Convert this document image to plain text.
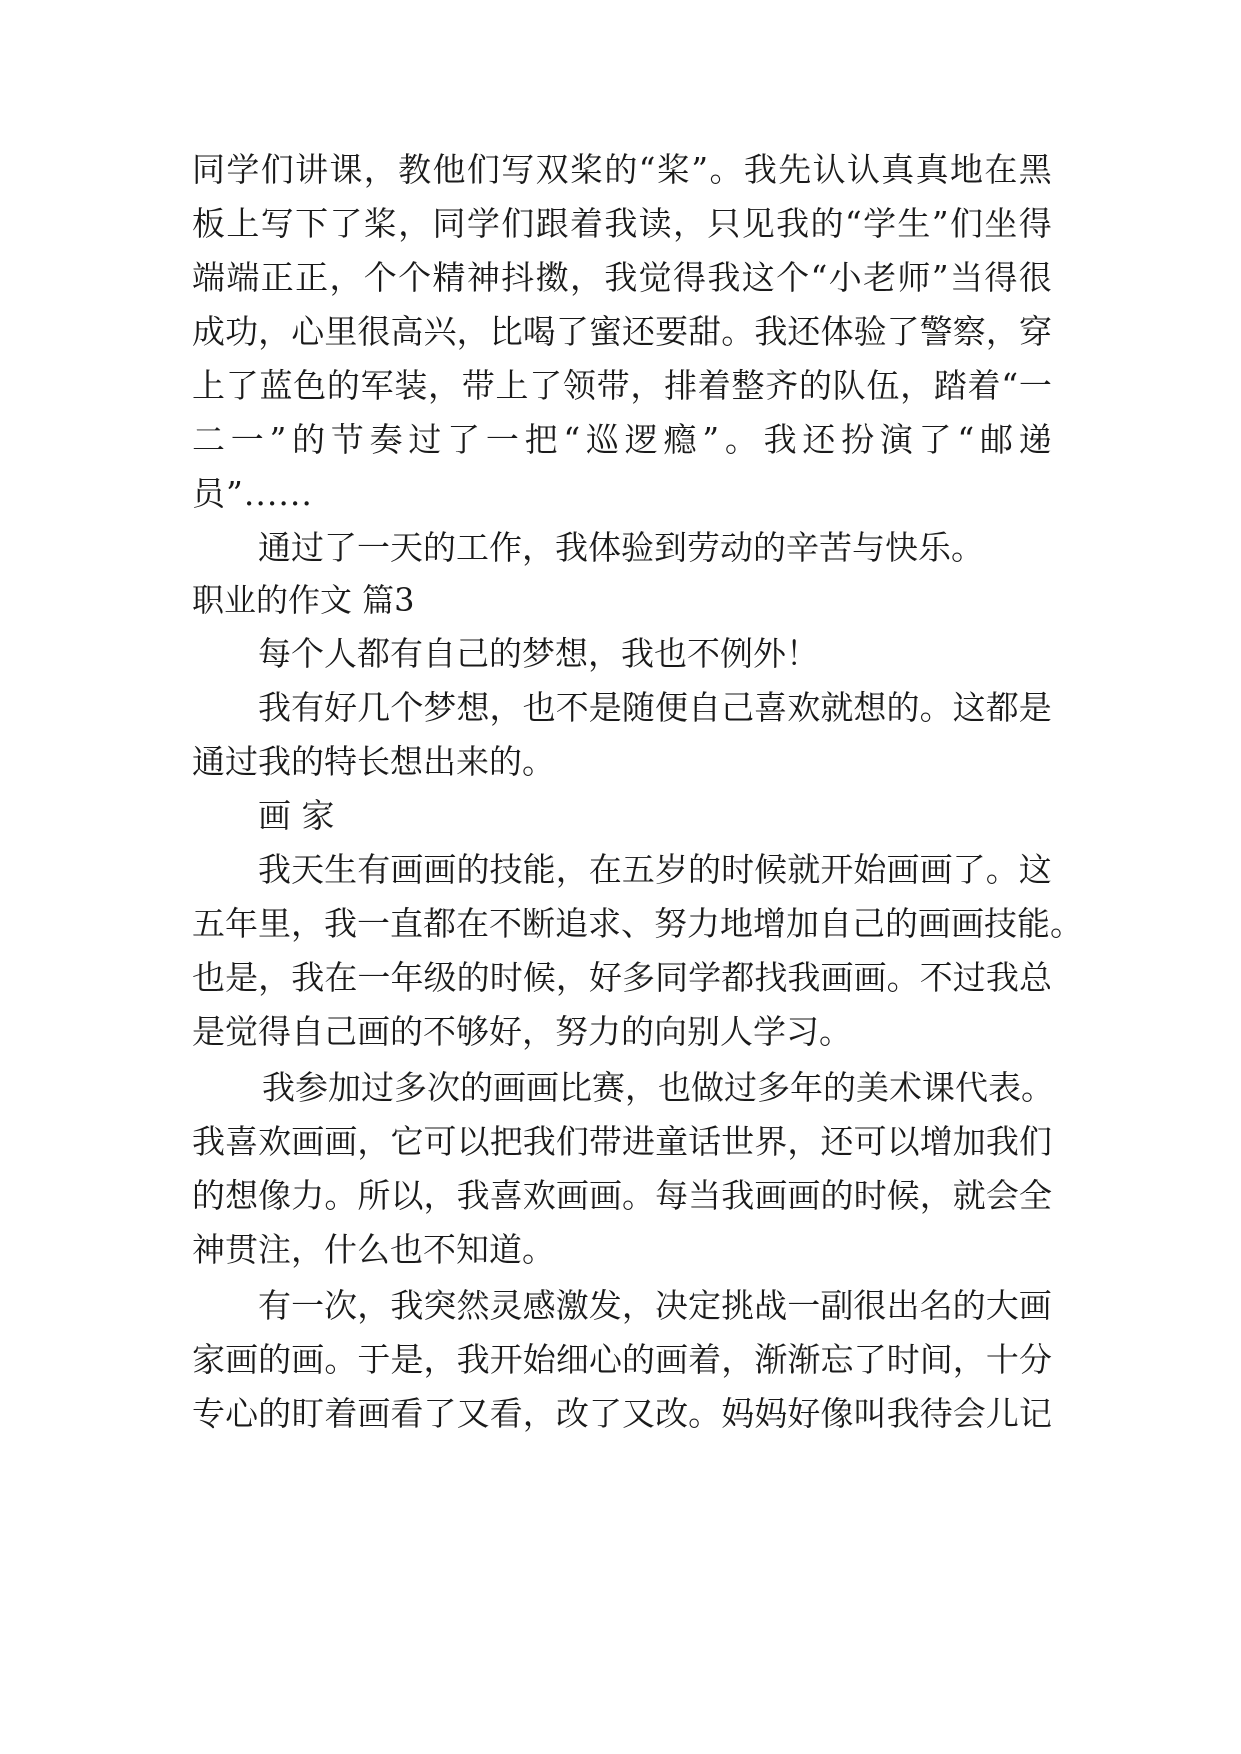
同 学 们 讲 课 ， 教 他 们 写 双 桨 的 “ 桨 ” 。 我 先 认 认 真 真 地 在 黑
板 上 写 下 了 桨 ， 同 学 们 跟 着 我 读 ， 只 见 我 的 “ 学 生 ” 们 坐 得
端 端 正 正 ， 个 个 精 神 抖 擞 ， 我 觉 得 我 这 个 “ 小 老 师 ” 当 得 很
成 功 ， 心 里 很 高 兴 ， 比 喝 了 蜜 还 要 甜 。 我 还 体 验 了 警 察 ， 穿
上 了 蓝 色 的 军 装 ， 带 上 了 领 带 ， 排 着 整 齐 的 队 伍 ， 踏 着 “ 一
二 一 ” 的 节 奏 过 了 一 把 “ 巡 逻 瘾 ” 。 我 还 扮 演 了 “ 邮 递
员”......
通过了一天的工作，我体验到劳动的辛苦与快乐。
职业的作文 篇3
每个人都有自己的梦想，我也不例外！
我 有 好 几 个 梦 想 ， 也 不 是 随 便 自 己 喜 欢 就 想 的 。 这 都 是
通过我的特长想出来的。
画 家
我 天 生 有 画 画 的 技 能 ， 在 五 岁 的 时 候 就 开 始 画 画 了 。 这
五 年 里 ， 我 一 直 都 在 不 断 追 求 、 努 力 地 增 加 自 己 的 画 画 技 能 。
也 是 ， 我 在 一 年 级 的 时 候 ， 好 多 同 学 都 找 我 画 画 。 不 过 我 总
是觉得自己画的不够好，努力的向别人学习。
我 参 加 过 多 次 的 画 画 比 赛 ， 也 做 过 多 年 的 美 术 课 代 表 。
我 喜 欢 画 画 ， 它 可 以 把 我 们 带 进 童 话 世 界 ， 还 可 以 增 加 我 们
的 想 像 力 。 所 以 ， 我 喜 欢 画 画 。 每 当 我 画 画 的 时 候 ， 就 会 全
神贯注，什么也不知道。
有 一 次 ， 我 突 然 灵 感 激 发 ， 决 定 挑 战 一 副 很 出 名 的 大 画
家 画 的 画 。 于 是 ， 我 开 始 细 心 的 画 着 ， 渐 渐 忘 了 时 间 ， 十 分
专 心 的 盯 着 画 看 了 又 看 ， 改 了 又 改 。 妈 妈 好 像 叫 我 待 会 儿 记
